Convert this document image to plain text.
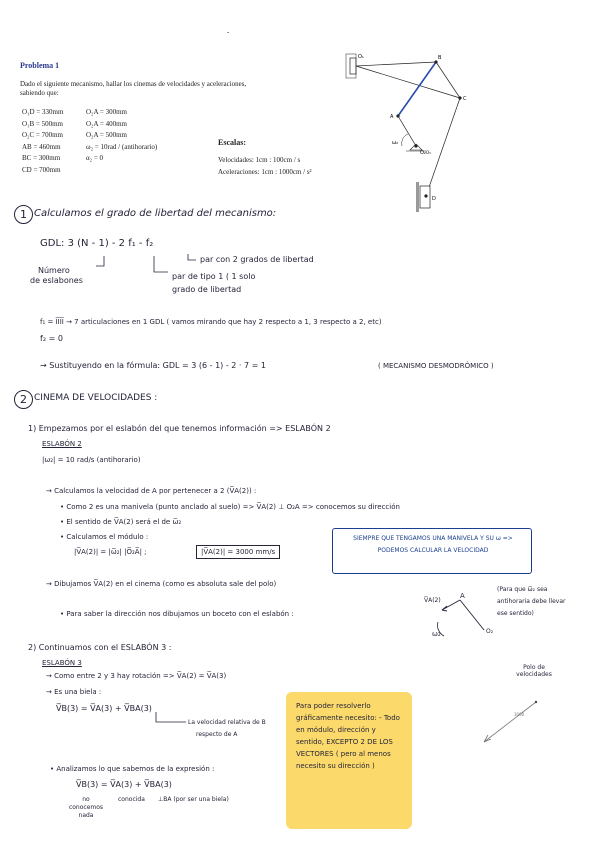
-
Problema 1
Dado el siguiente mecanismo, hallar los cinemas de velocidades y aceleraciones,
sabiendo que:
O₁D = 330mm
O₁B = 500mm
O₂C = 700mm
AB = 460mm
BC = 300mm
CD = 700mm
O₂A = 300mm
O₂A = 400mm
O₂A = 500mm
ω₂ = 10rad / (antihorario)
α₂ = 0
Escalas:
Velocidades: 1cm : 100cm / s
Aceleraciones: 1cm : 1000cm / s²
O₁	B
C
A
O₂
ω₂
O₃
D
1 Calculamos el grado de libertad del mecanismo:
GDL: 3 (N - 1) - 2 f₁ - f₂
Número
de eslabones
par con 2 grados de libertad
par de tipo 1 ( 1 solo
grado de libertad
f₁ = ĨĨĨĨ → 7 articulaciones en 1 GDL ( vamos mirando que hay 2 respecto a 1, 3 respecto a 2, etc)
f₂ = 0
→ Sustituyendo en la fórmula: GDL = 3 (6 - 1) - 2 · 7 = 1	( MECANISMO DESMODRÓMICO )
2 CINEMA DE VELOCIDADES :
1) Empezamos por el eslabón del que tenemos información => ESLABÓN 2
ESLABÓN 2
|ω₂| = 10 rad/s (antihorario)
→ Calculamos la velocidad de A por pertenecer a 2 (V̅A(2)) :
• Como 2 es una manivela (punto anclado al suelo) => V̅A(2) ⊥ O₂A => conocemos su dirección
• El sentido de V̅A(2) será el de ω̅₂
• Calculamos el módulo :
|V̅A(2)| = |ω̅₂| |O̅₂A̅| ;	|V̅A(2)| = 3000 mm/s
SIEMPRE QUE TENGAMOS UNA MANIVELA Y SU ω => PODEMOS CALCULAR LA VELOCIDAD
→ Dibujamos V̅A(2) en el cinema (como es absoluta sale del polo)
V̅A(2)
A
ω₂	O₂
(Para que ω̅₂ sea antihoraria debe llevar ese sentido)
• Para saber la dirección nos dibujamos un boceto con el eslabón :
2) Continuamos con el ESLABÓN 3 :
ESLABÓN 3
→ Como entre 2 y 3 hay rotación => V̅A(2) = V̅A(3)
→ Es una biela :
V̅B(3) = V̅A(3) + V̅BA(3)
La velocidad relativa de B
respecto de A
• Analizamos lo que sabemos de la expresión :
V̅B(3) = V̅A(3) + V̅BA(3)
no conocemos nada
conocida ⊥BA (por ser una biela)
Para poder resolverlo gráficamente necesito: - Todo en módulo, dirección y sentido, EXCEPTO 2 DE LOS VECTORES ( pero al menos necesito su dirección )
Polo de velocidades
3000
